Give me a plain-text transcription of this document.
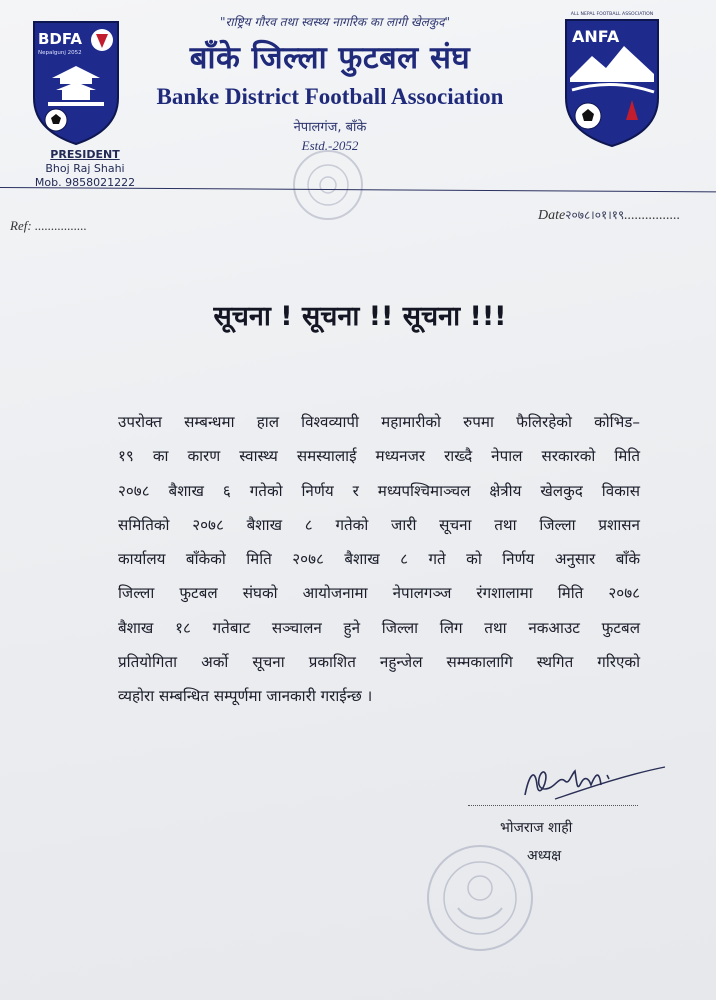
BDFA
Nepalgunj 2052
ALL NEPAL FOOTBALL ASSOCIATION
ANFA
PRESIDENT
Bhoj Raj Shahi
Mob. 9858021222
"राष्ट्रिय गौरव तथा स्वस्थ्य नागरिक का लागी खेलकुद"
बाँके जिल्ला फुटबल संघ
Banke District Football Association
नेपालगंज, बाँके
Estd.-2052
Ref: ................
Date२०७८।०१।१९................
सूचना ! सूचना !! सूचना !!!
उपरोक्त सम्बन्धमा हाल विश्वव्यापी महामारीको रुपमा फैलिरहेको कोभिड–
१९ का कारण स्वास्थ्य समस्यालाई मध्यनजर राख्दै नेपाल सरकारको मिति
२०७८ बैशाख ६ गतेको निर्णय र मध्यपश्चिमाञ्चल क्षेत्रीय खेलकुद विकास
समितिको २०७८ बैशाख ८ गतेको जारी सूचना तथा जिल्ला प्रशासन
कार्यालय बाँकेको मिति २०७८ बैशाख ८ गते को निर्णय अनुसार बाँके
जिल्ला फुटबल संघको आयोजनामा नेपालगञ्ज रंगशालामा मिति २०७८
बैशाख १८ गतेबाट सञ्चालन हुने जिल्ला लिग तथा नकआउट फुटबल
प्रतियोगिता अर्को सूचना प्रकाशित नहुन्जेल सम्मकालागि स्थगित गरिएको
व्यहोरा सम्बन्धित सम्पूर्णमा जानकारी गराईन्छ ।
भोजराज शाही
अध्यक्ष
